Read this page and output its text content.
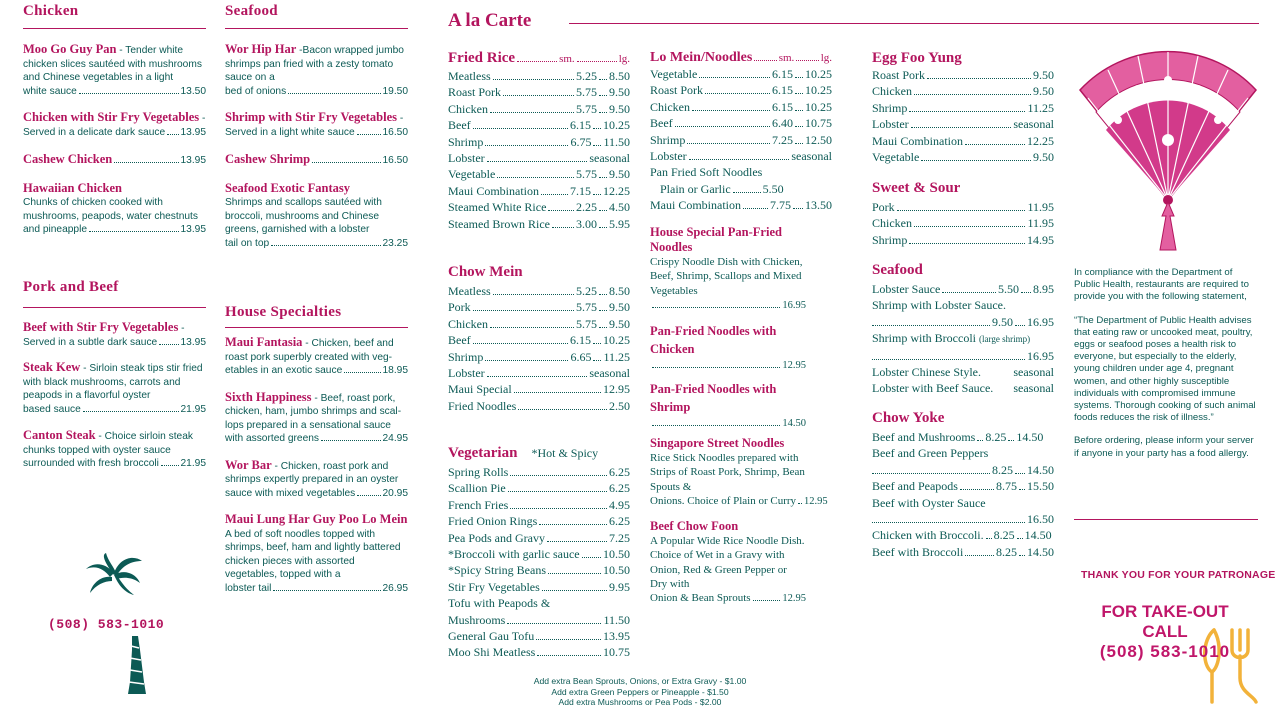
Chicken
Moo Go Guy Pan - Tender white chicken slices sautéed with mushrooms and Chinese vegetables in a light
white sauce	13.50
Chicken with Stir Fry Vegetables -
Served in a delicate dark sauce 13.95
Cashew Chicken	13.95
Hawaiian Chicken
Chunks of chicken cooked with mushrooms, peapods, water chestnuts
and pineapple	13.95
Pork and Beef
Beef with Stir Fry Vegetables -
Served in a subtle dark sauce 13.95
Steak Kew - Sirloin steak tips stir fried with black mushrooms, carrots and peapods in a flavorful oyster
based sauce	21.95
Canton Steak - Choice sirloin steak chunks topped with oyster sauce
surrounded with fresh broccoli 21.95
(508) 583-1010
Seafood
Wor Hip Har -Bacon wrapped jumbo shrimps pan fried with a zesty tomato sauce on a
bed of onions	19.50
Shrimp with Stir Fry Vegetables -
Served in a light white sauce	16.50
Cashew Shrimp	16.50
Seafood Exotic Fantasy
Shrimps and scallops sautéed with broccoli, mushrooms and Chinese greens, garnished with a lobster
tail on top	23.25
House Specialties
Maui Fantasia - Chicken, beef and roast pork superbly created with veg-
etables in an exotic sauce	18.95
Sixth Happiness - Beef, roast pork, chicken, ham, jumbo shrimps and scal-lops prepared in a sensational sauce
with assorted greens	24.95
Wor Bar - Chicken, roast pork and shrimps expertly prepared in an oyster
sauce with mixed vegetables	20.95
Maui Lung Har Guy Poo Lo Mein
A bed of soft noodles topped with shrimps, beef, ham and lightly battered chicken pieces with assorted vegetables, topped with a
lobster tail	26.95
A la Carte
Fried Rice	sm.	lg.
Meatless	5.25 8.50
Roast Pork	5.75 9.50
Chicken	5.75 9.50
Beef	6.15 10.25
Shrimp	6.75 11.50
Lobster	seasonal
Vegetable	5.75 9.50
Maui Combination	7.15 12.25
Steamed White Rice 2.25 4.50
Steamed Brown Rice 3.00 5.95
Chow Mein
Meatless	5.25 8.50
Pork	5.75 9.50
Chicken	5.75 9.50
Beef	6.15 10.25
Shrimp	6.65 11.25
Lobster	seasonal
Maui Special	12.95
Fried Noodles	2.50
Vegetarian *Hot & Spicy
Spring Rolls	6.25
Scallion Pie	6.25
French Fries	4.95
Fried Onion Rings	6.25
Pea Pods and Gravy	7.25
*Broccoli with garlic sauce 10.50
*Spicy String Beans	10.50
Stir Fry Vegetables	9.95
Tofu with Peapods &
Mushrooms	11.50
General Gau Tofu	13.95
Moo Shi Meatless	10.75
Lo Mein/Noodles sm. lg.
Vegetable	6.15 10.25
Roast Pork	6.15 10.25
Chicken	6.15 10.25
Beef	6.40 10.75
Shrimp	7.25 12.50
Lobster	seasonal
Pan Fried Soft Noodles
Plain or Garlic	5.50
Maui Combination 7.75 13.50
House Special Pan-Fried Noodles
Crispy Noodle Dish with Chicken, Beef, Shrimp, Scallops and Mixed Vegetables
16.95
Pan-Fried Noodles with Chicken
12.95
Pan-Fried Noodles with Shrimp
14.50
Singapore Street Noodles
Rice Stick Noodles prepared with Strips of Roast Pork, Shrimp, Bean Spouts &
Onions. Choice of Plain or Curry 12.95
Beef Chow Foon
A Popular Wide Rice Noodle Dish. Choice of Wet in a Gravy with Onion, Red & Green Pepper or Dry with
Onion & Bean Sprouts	12.95
Egg Foo Yung
Roast Pork	9.50
Chicken	9.50
Shrimp	11.25
Lobster	seasonal
Maui Combination	12.25
Vegetable	9.50
Sweet & Sour
Pork	11.95
Chicken	11.95
Shrimp	14.95
Seafood
Lobster Sauce	5.50 8.95
Shrimp with Lobster Sauce.
9.50 16.95
Shrimp with Broccoli (large shrimp)
16.95
Lobster Chinese Style.	seasonal
Lobster with Beef Sauce. seasonal
Chow Yoke
Beef and Mushrooms 8.25 14.50
Beef and Green Peppers
8.25 14.50
Beef and Peapods	8.75 15.50
Beef with Oyster Sauce
16.50
Chicken with Broccoli. 8.25 14.50
Beef with Broccoli	8.25 14.50
In compliance with the Department of Public Health, restaurants are required to provide you with the following statement,
“The Department of Public Health advises that eating raw or uncooked meat, poultry, eggs or seafood poses a health risk to everyone, but especially to the elderly, young children under age 4, pregnant women, and other highly susceptible individuals with compromised immune systems. Thorough cooking of such animal foods reduces the risk of illness.”
Before ordering, please inform your server if anyone in your party has a food allergy.
THANK YOU FOR YOUR PATRONAGE
FOR TAKE-OUT
CALL
(508) 583-1010
Add extra Bean Sprouts, Onions, or Extra Gravy - $1.00
Add extra Green Peppers or Pineapple - $1.50
Add extra Mushrooms or Pea Pods - $2.00
